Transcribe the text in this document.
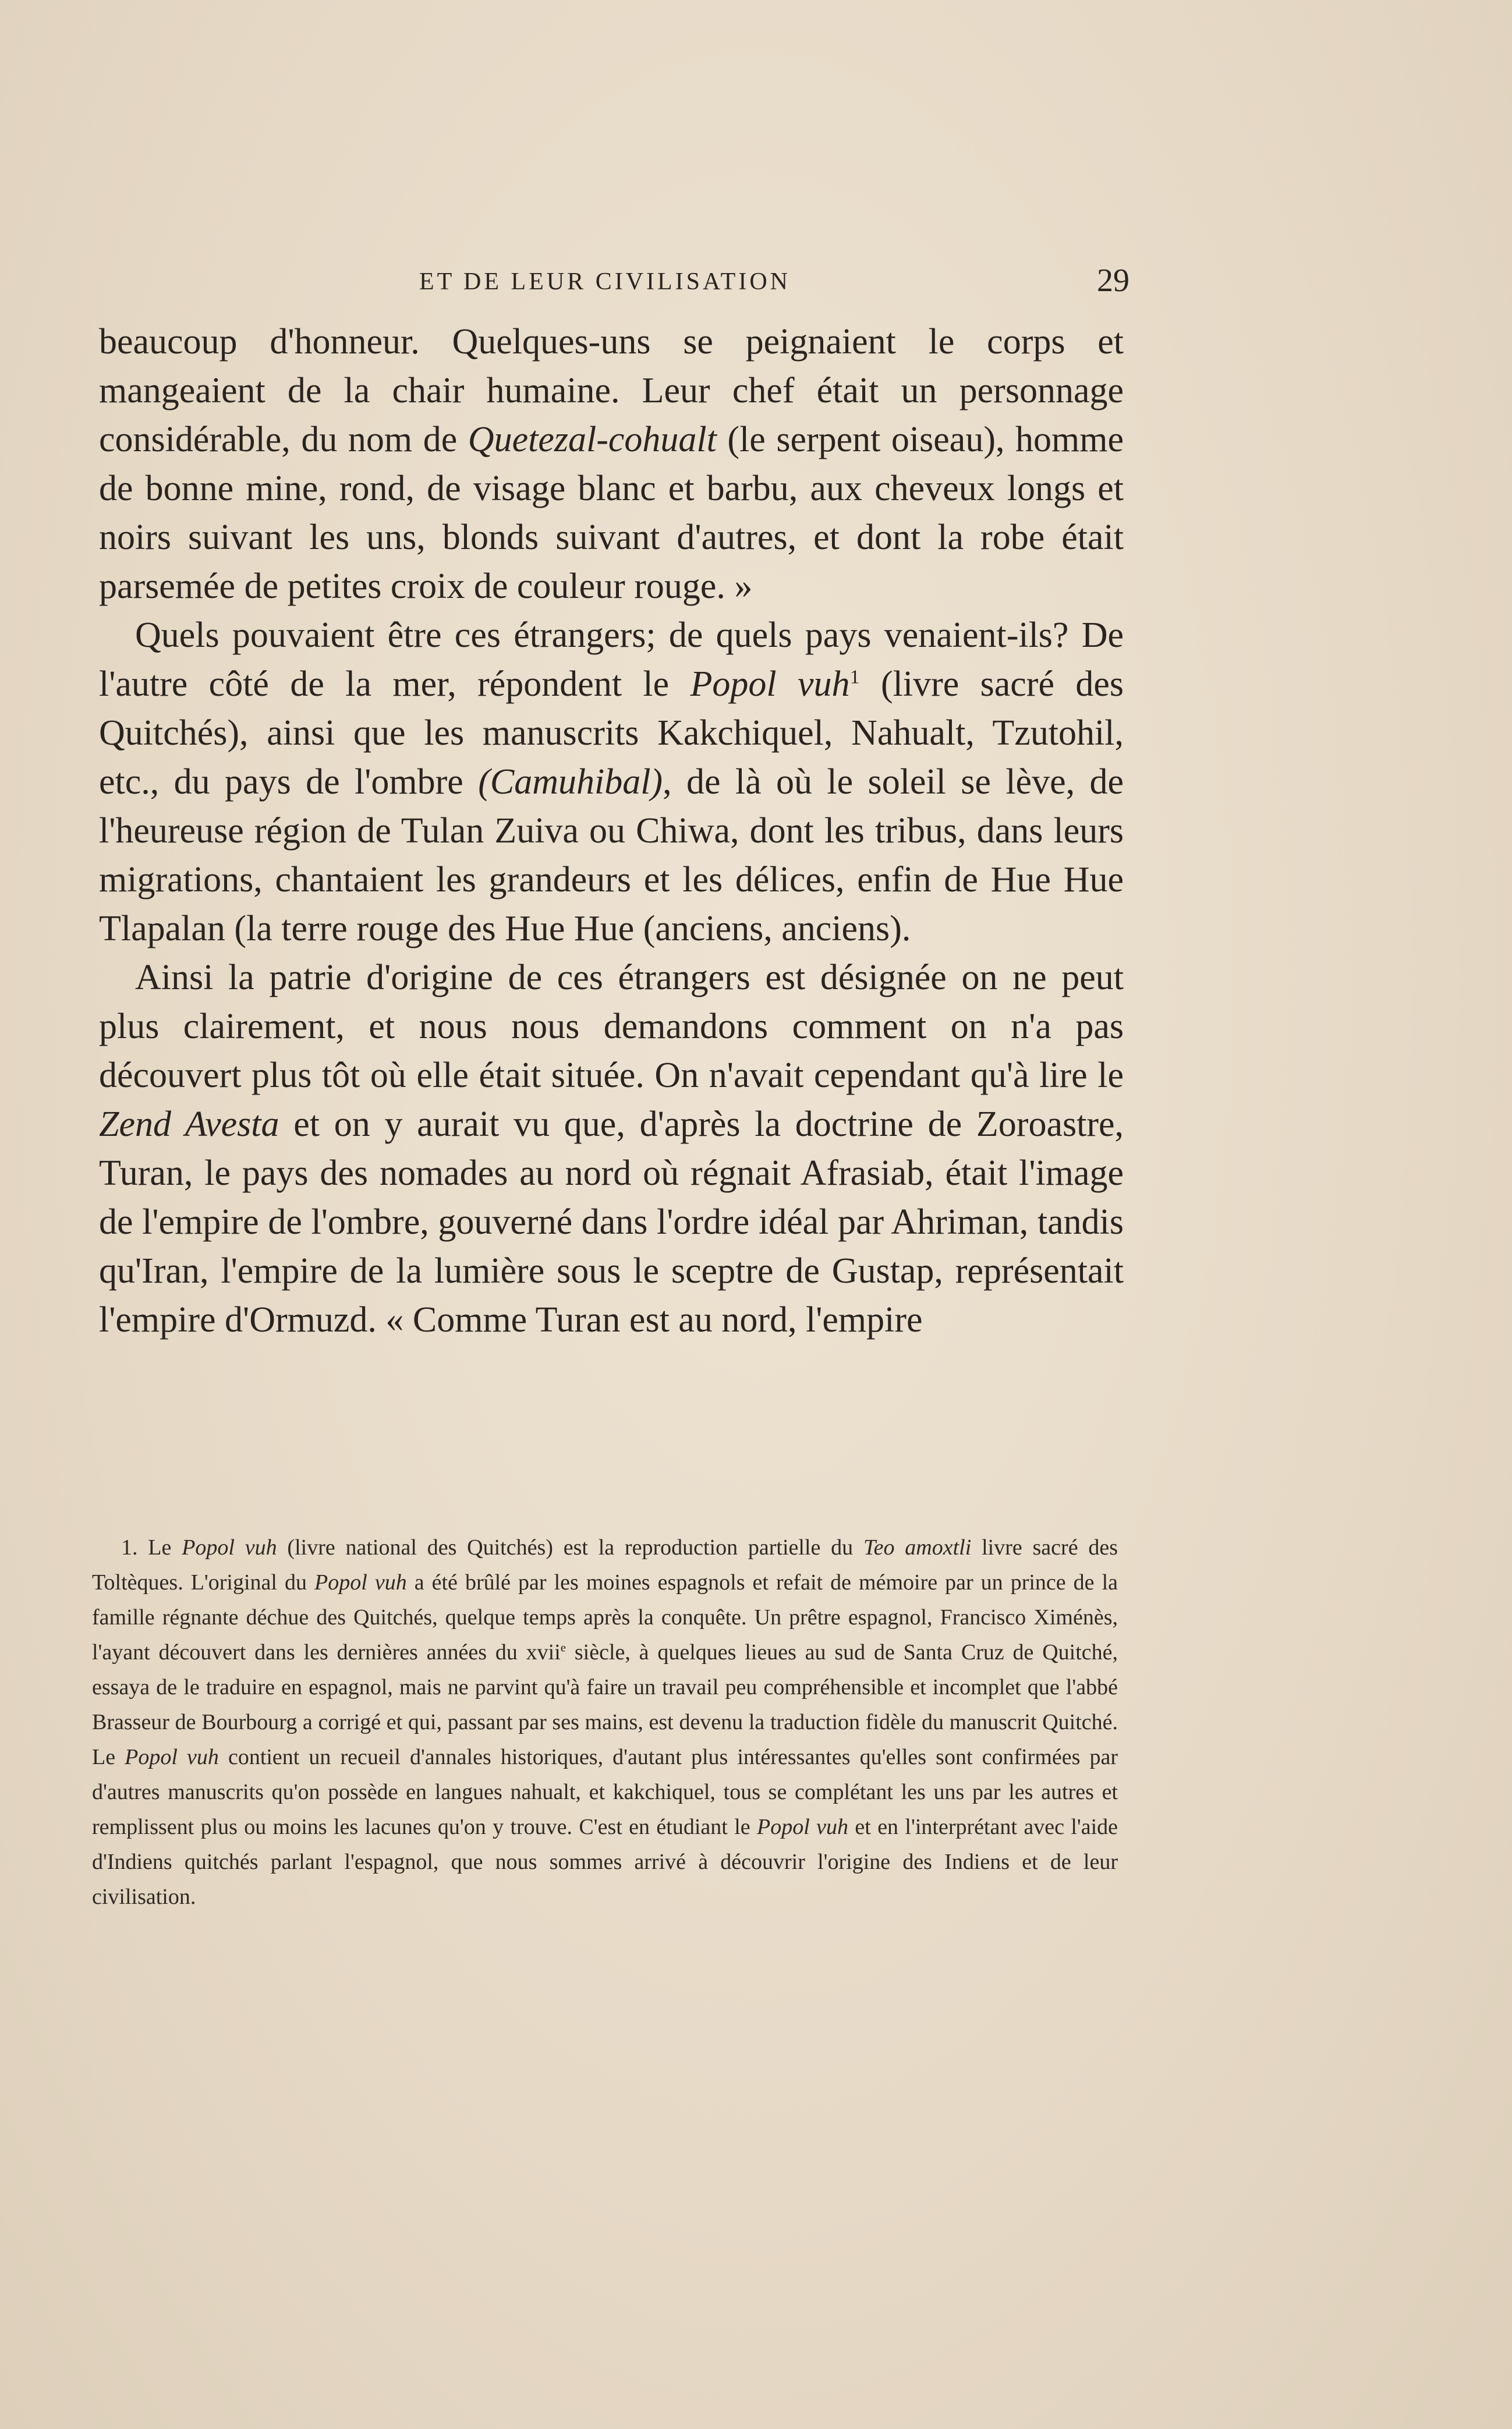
ET DE LEUR CIVILISATION	29

beaucoup d'honneur. Quelques-uns se peignaient le corps et mangeaient de la chair humaine. Leur chef était un personnage considérable, du nom de Quetezal-cohualt (le serpent oiseau), homme de bonne mine, rond, de visage blanc et barbu, aux cheveux longs et noirs suivant les uns, blonds suivant d'autres, et dont la robe était parsemée de petites croix de couleur rouge. »

Quels pouvaient être ces étrangers; de quels pays venaient-ils? De l'autre côté de la mer, répondent le Popol vuh$^1$ (livre sacré des Quitchés), ainsi que les manuscrits Kakchiquel, Nahualt, Tzutohil, etc., du pays de l'ombre (Camuhibal), de là où le soleil se lève, de l'heureuse région de Tulan Zuiva ou Chiwa, dont les tribus, dans leurs migrations, chantaient les grandeurs et les délices, enfin de Hue Hue Tlapalan (la terre rouge des Hue Hue (anciens, anciens).

Ainsi la patrie d'origine de ces étrangers est désignée on ne peut plus clairement, et nous nous demandons comment on n'a pas découvert plus tôt où elle était située. On n'avait cependant qu'à lire le Zend Avesta et on y aurait vu que, d'après la doctrine de Zoroastre, Turan, le pays des nomades au nord où régnait Afrasiab, était l'image de l'empire de l'ombre, gouverné dans l'ordre idéal par Ahriman, tandis qu'Iran, l'empire de la lumière sous le sceptre de Gustap, représentait l'empire d'Ormuzd. « Comme Turan est au nord, l'empire

1. Le Popol vuh (livre national des Quitchés) est la reproduction partielle du Teo amoxtli livre sacré des Toltèques. L'original du Popol vuh a été brûlé par les moines espagnols et refait de mémoire par un prince de la famille régnante déchue des Quitchés, quelque temps après la conquête. Un prêtre espagnol, Francisco Ximénès, l'ayant découvert dans les dernières années du xvii$^e$ siècle, à quelques lieues au sud de Santa Cruz de Quitché, essaya de le traduire en espagnol, mais ne parvint qu'à faire un travail peu compréhensible et incomplet que l'abbé Brasseur de Bourbourg a corrigé et qui, passant par ses mains, est devenu la traduction fidèle du manuscrit Quitché. Le Popol vuh contient un recueil d'annales historiques, d'autant plus intéressantes qu'elles sont confirmées par d'autres manuscrits qu'on possède en langues nahualt, et kakchiquel, tous se complétant les uns par les autres et remplissent plus ou moins les lacunes qu'on y trouve. C'est en étudiant le Popol vuh et en l'interprétant avec l'aide d'Indiens quitchés parlant l'espagnol, que nous sommes arrivé à découvrir l'origine des Indiens et de leur civilisation.
